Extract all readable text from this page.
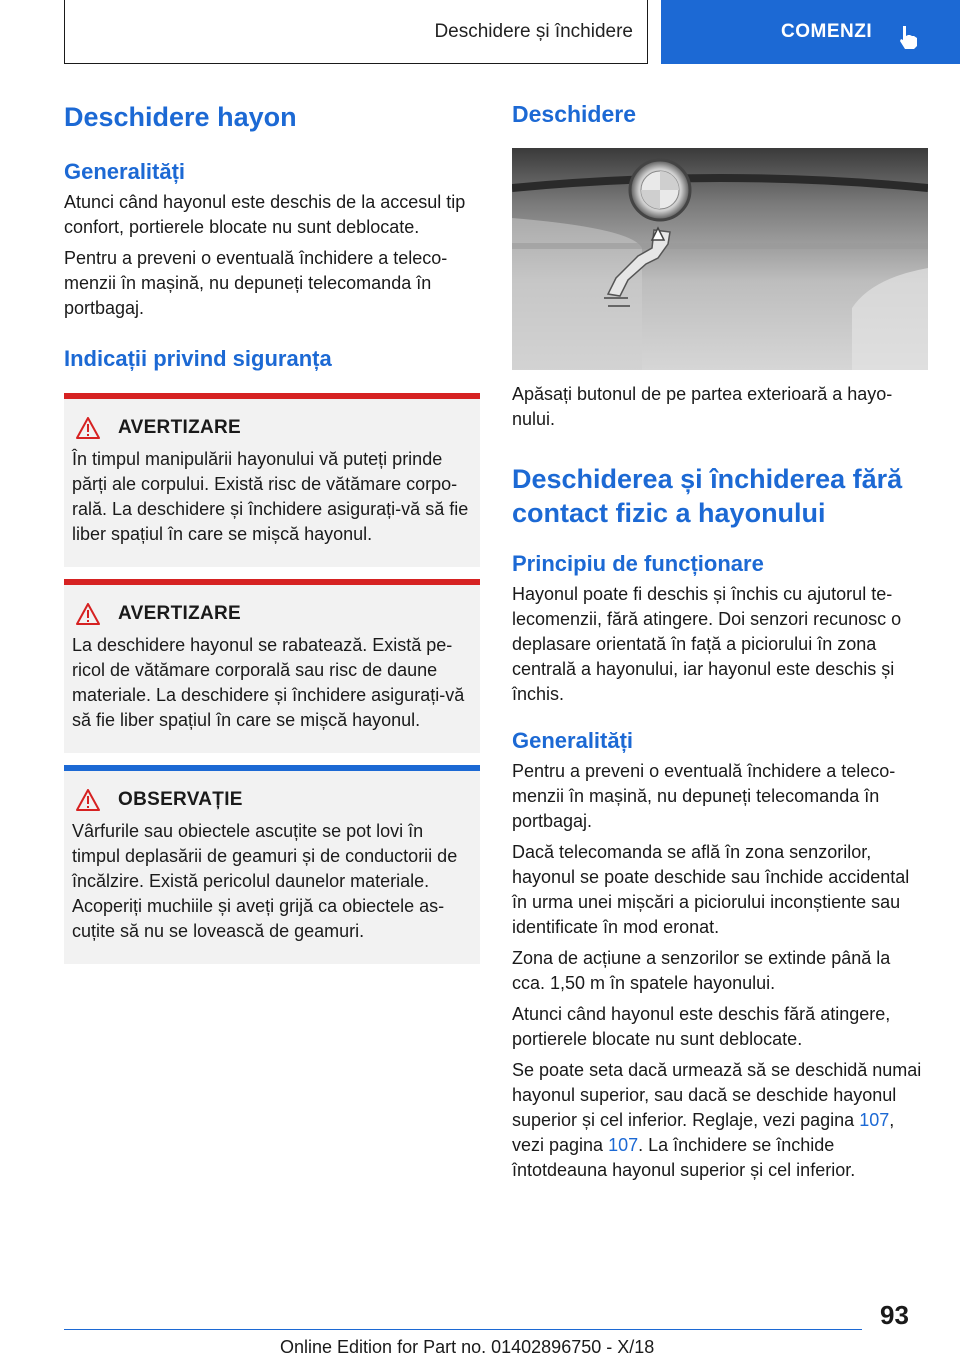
Deschidere și închidere	COMENZI
Deschidere hayon
Generalități

Atunci când hayonul este deschis de la accesul tip confort, portierele blocate nu sunt deblocate.

Pentru a preveni o eventuală închidere a telecomenzii în mașină, nu depuneți telecomanda în portbagaj.

Indicații privind siguranța
AVERTIZARE

În timpul manipulării hayonului vă puteți prinde părți ale corpului. Există risc de vătămare corporală. La deschidere și închidere asigurați-vă să fie liber spațiul în care se mișcă hayonul.

AVERTIZARE

La deschidere hayonul se rabatează. Există pericol de vătămare corporală sau risc de daune materiale. La deschidere și închidere asigurați-vă să fie liber spațiul în care se mișcă hayonul.

OBSERVAȚIE

Vârfurile sau obiectele ascuțite se pot lovi în timpul deplasării de geamuri și de conductorii de încălzire. Există pericolul daunelor materiale. Acoperiți muchiile și aveți grijă ca obiectele ascuțite să nu se lovească de geamuri.

Deschidere

Apăsați butonul de pe partea exterioară a hayonului.

Deschiderea și închiderea fără contact fizic a hayonului
Principiu de funcționare

Hayonul poate fi deschis și închis cu ajutorul telecomenzii, fără atingere. Doi senzori recunosc o deplasare orientată în față a piciorului în zona centrală a hayonului, iar hayonul este deschis și închis.

Generalități

Pentru a preveni o eventuală închidere a telecomenzii în mașină, nu depuneți telecomanda în portbagaj.

Dacă telecomanda se află în zona senzorilor, hayonul se poate deschide sau închide accidental în urma unei mișcări a piciorului inconștiente sau identificate în mod eronat.

Zona de acțiune a senzorilor se extinde până la cca. 1,50 m în spatele hayonului.

Atunci când hayonul este deschis fără atingere, portierele blocate nu sunt deblocate.

Se poate seta dacă urmează să se deschidă numai hayonul superior, sau dacă se deschide hayonul superior și cel inferior. Reglaje, vezi pagina 107, vezi pagina 107. La închidere se închide întotdeauna hayonul superior și cel inferior.

93
Online Edition for Part no. 01402896750 - X/18
